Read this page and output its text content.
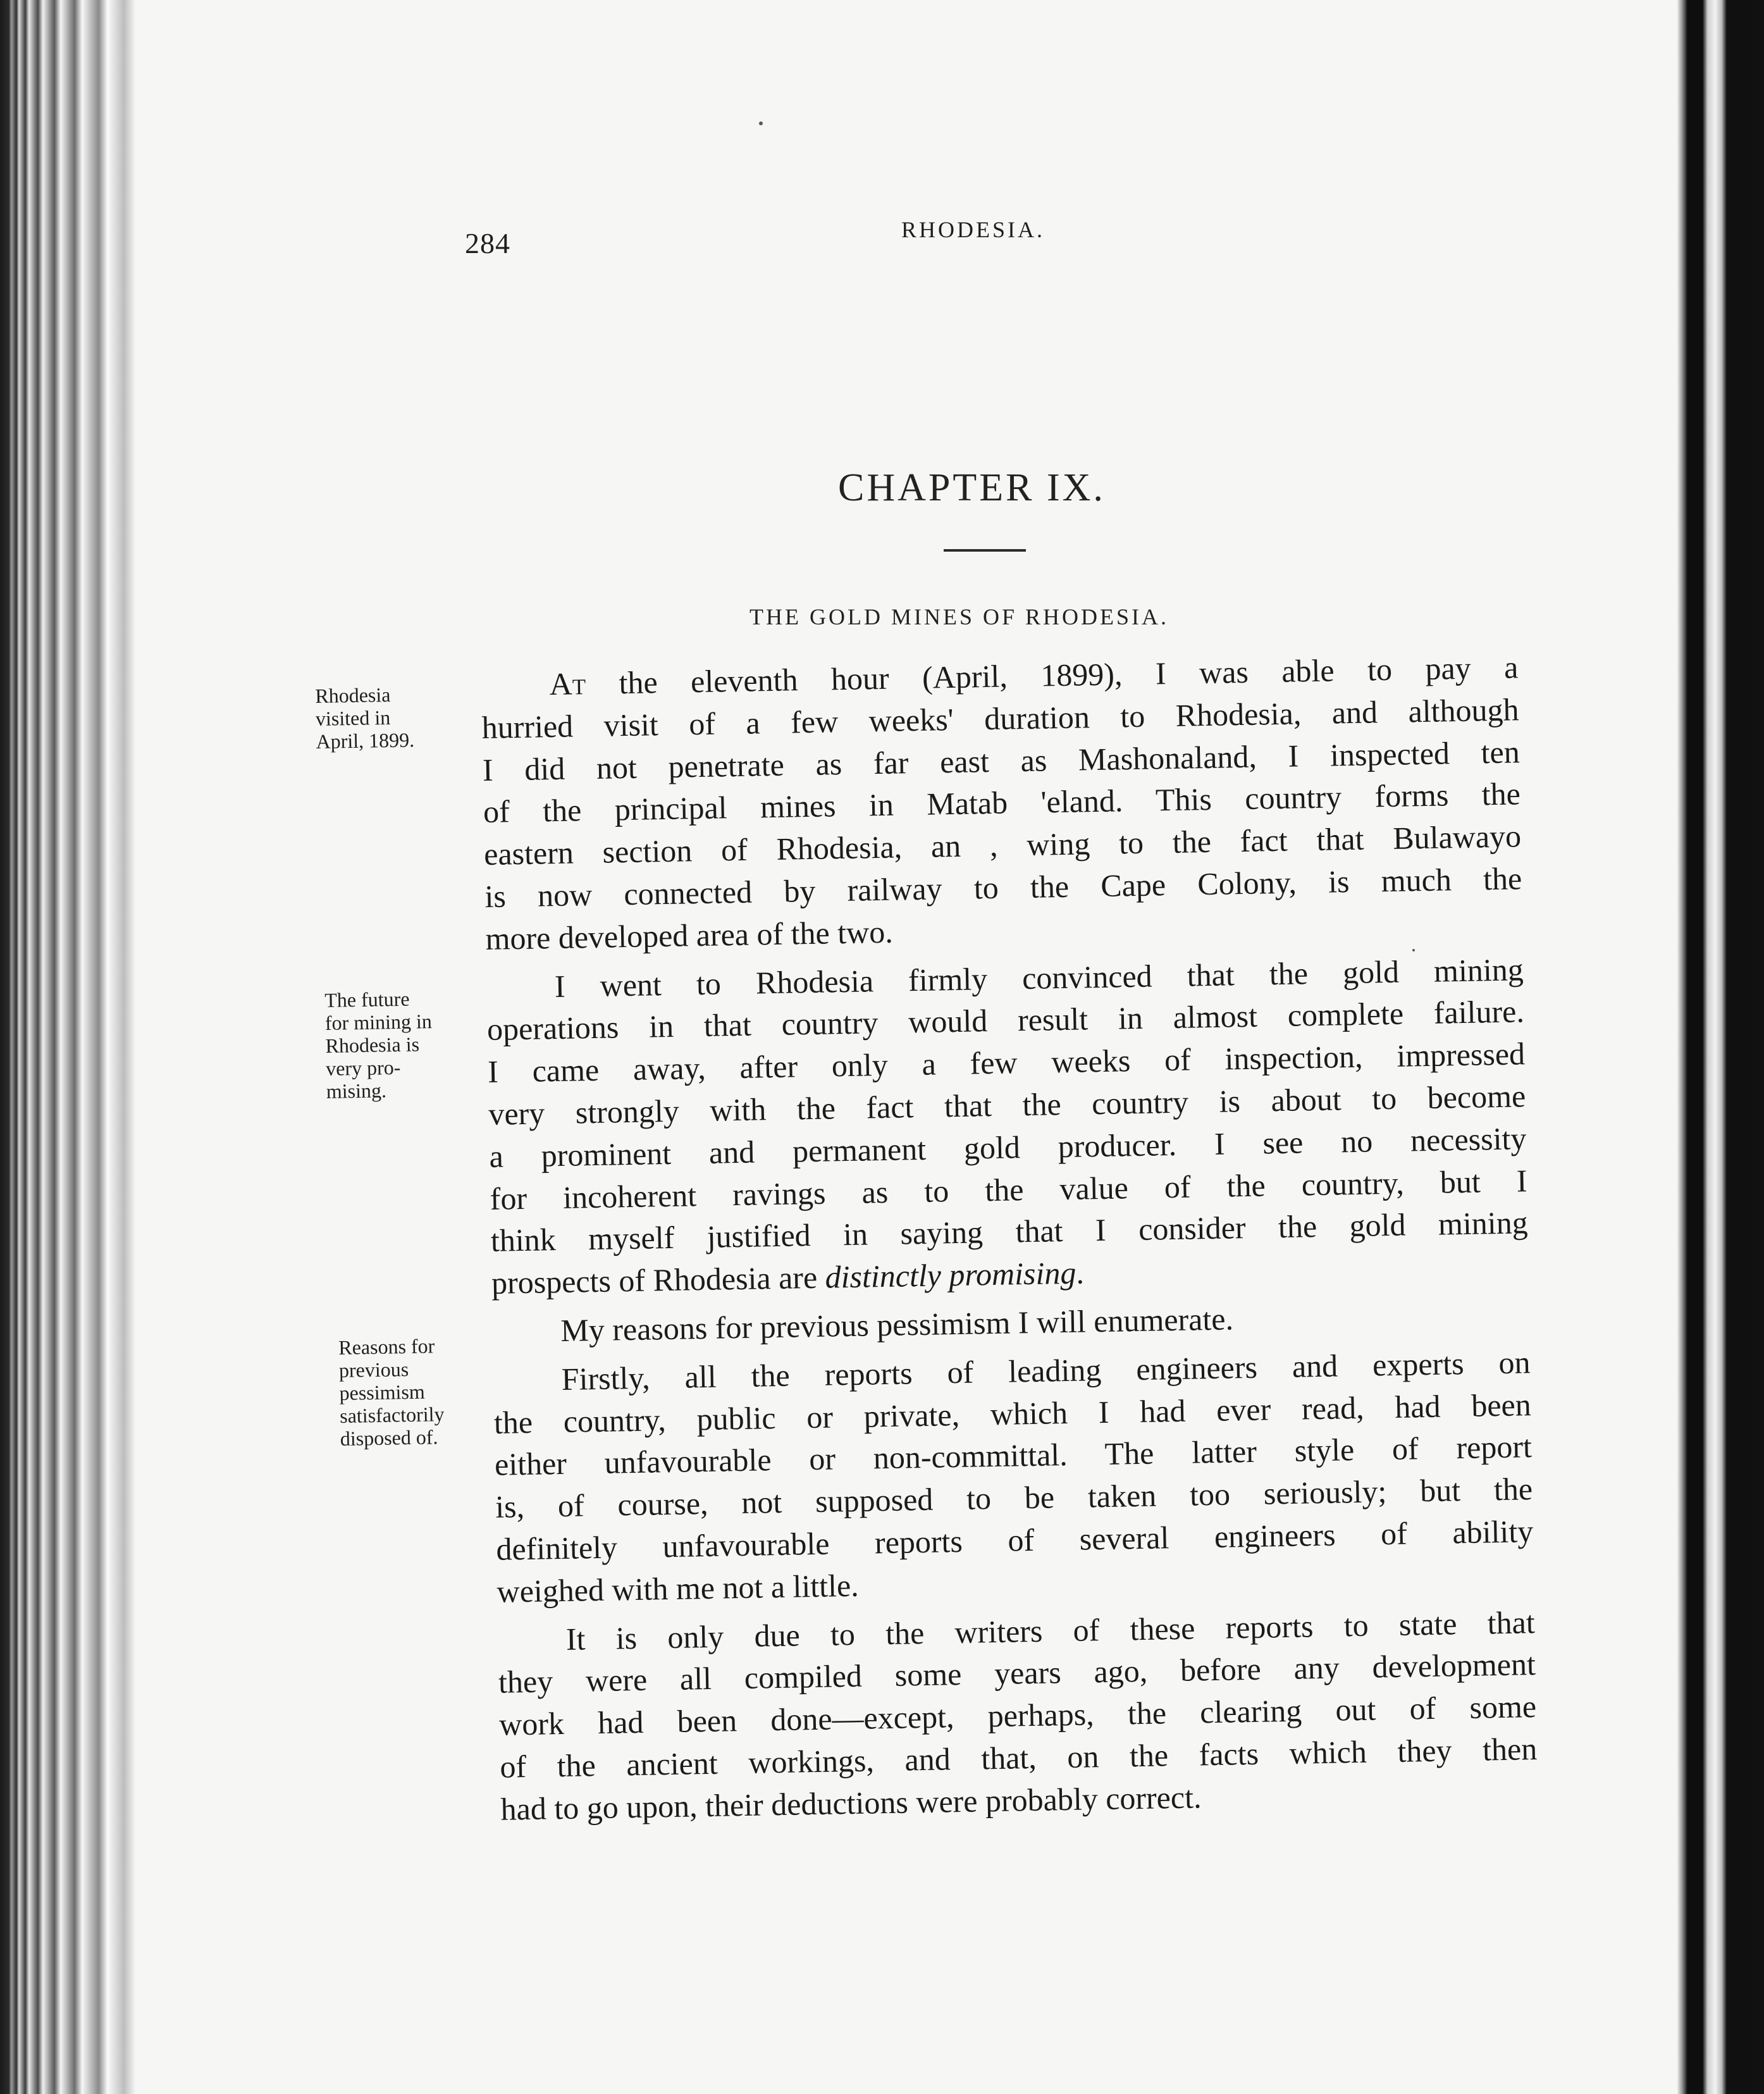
284	RHODESIA.
CHAPTER IX.
THE GOLD MINES OF RHODESIA.
Rhodesia
visited in
April, 1899.
The future
for mining in
Rhodesia is
very pro-
mising.
Reasons for
previous
pessimism
satisfactorily
disposed of.
At the eleventh hour (April, 1899), I was able to pay a
hurried visit of a few weeks' duration to Rhodesia, and although
I did not penetrate as far east as Mashonaland, I inspected ten
of the principal mines in Matab 'eland. This country forms the
eastern section of Rhodesia, an , wing to the fact that Bulawayo
is now connected by railway to the Cape Colony, is much the
more developed area of the two.
I went to Rhodesia firmly convinced that the gold mining
operations in that country would result in almost complete failure.
I came away, after only a few weeks of inspection, impressed
very strongly with the fact that the country is about to become
a prominent and permanent gold producer. I see no necessity
for incoherent ravings as to the value of the country, but I
think myself justified in saying that I consider the gold mining
prospects of Rhodesia are distinctly promising.
My reasons for previous pessimism I will enumerate.
Firstly, all the reports of leading engineers and experts on
the country, public or private, which I had ever read, had been
either unfavourable or non-committal. The latter style of report
is, of course, not supposed to be taken too seriously; but the
definitely unfavourable reports of several engineers of ability
weighed with me not a little.
It is only due to the writers of these reports to state that
they were all compiled some years ago, before any development
work had been done—except, perhaps, the clearing out of some
of the ancient workings, and that, on the facts which they then
had to go upon, their deductions were probably correct.
